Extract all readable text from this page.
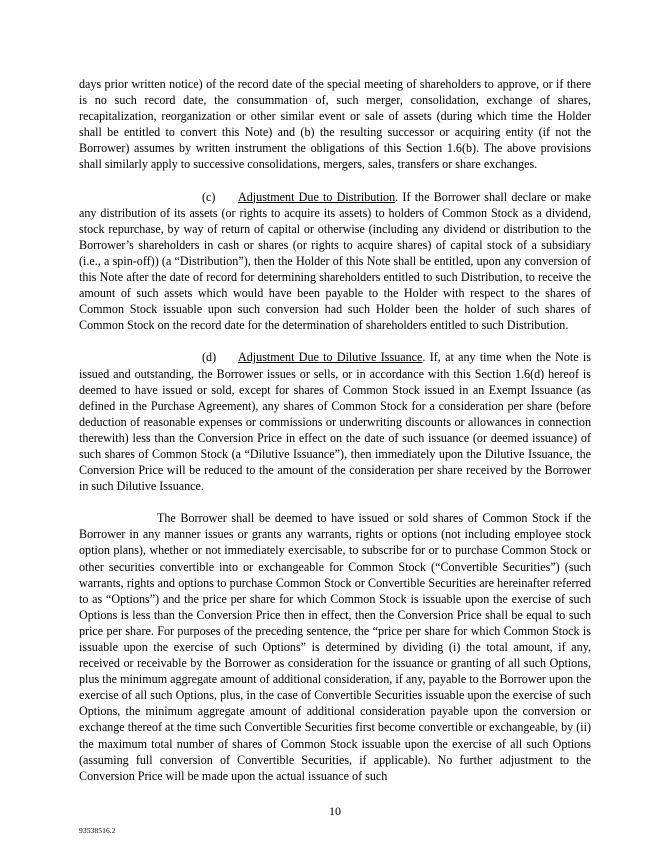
days prior written notice) of the record date of the special meeting of shareholders to approve, or if there is no such record date, the consummation of, such merger, consolidation, exchange of shares, recapitalization, reorganization or other similar event or sale of assets (during which time the Holder shall be entitled to convert this Note) and (b) the resulting successor or acquiring entity (if not the Borrower) assumes by written instrument the obligations of this Section 1.6(b). The above provisions shall similarly apply to successive consolidations, mergers, sales, transfers or share exchanges.

(c) Adjustment Due to Distribution. If the Borrower shall declare or make any distribution of its assets (or rights to acquire its assets) to holders of Common Stock as a dividend, stock repurchase, by way of return of capital or otherwise (including any dividend or distribution to the Borrower’s shareholders in cash or shares (or rights to acquire shares) of capital stock of a subsidiary (i.e., a spin-off)) (a “Distribution”), then the Holder of this Note shall be entitled, upon any conversion of this Note after the date of record for determining shareholders entitled to such Distribution, to receive the amount of such assets which would have been payable to the Holder with respect to the shares of Common Stock issuable upon such conversion had such Holder been the holder of such shares of Common Stock on the record date for the determination of shareholders entitled to such Distribution.

(d) Adjustment Due to Dilutive Issuance. If, at any time when the Note is issued and outstanding, the Borrower issues or sells, or in accordance with this Section 1.6(d) hereof is deemed to have issued or sold, except for shares of Common Stock issued in an Exempt Issuance (as defined in the Purchase Agreement), any shares of Common Stock for a consideration per share (before deduction of reasonable expenses or commissions or underwriting discounts or allowances in connection therewith) less than the Conversion Price in effect on the date of such issuance (or deemed issuance) of such shares of Common Stock (a “Dilutive Issuance”), then immediately upon the Dilutive Issuance, the Conversion Price will be reduced to the amount of the consideration per share received by the Borrower in such Dilutive Issuance.

The Borrower shall be deemed to have issued or sold shares of Common Stock if the Borrower in any manner issues or grants any warrants, rights or options (not including employee stock option plans), whether or not immediately exercisable, to subscribe for or to purchase Common Stock or other securities convertible into or exchangeable for Common Stock (“Convertible Securities”) (such warrants, rights and options to purchase Common Stock or Convertible Securities are hereinafter referred to as “Options”) and the price per share for which Common Stock is issuable upon the exercise of such Options is less than the Conversion Price then in effect, then the Conversion Price shall be equal to such price per share. For purposes of the preceding sentence, the “price per share for which Common Stock is issuable upon the exercise of such Options” is determined by dividing (i) the total amount, if any, received or receivable by the Borrower as consideration for the issuance or granting of all such Options, plus the minimum aggregate amount of additional consideration, if any, payable to the Borrower upon the exercise of all such Options, plus, in the case of Convertible Securities issuable upon the exercise of such Options, the minimum aggregate amount of additional consideration payable upon the conversion or exchange thereof at the time such Convertible Securities first become convertible or exchangeable, by (ii) the maximum total number of shares of Common Stock issuable upon the exercise of all such Options (assuming full conversion of Convertible Securities, if applicable). No further adjustment to the Conversion Price will be made upon the actual issuance of such

10
93538516.2
